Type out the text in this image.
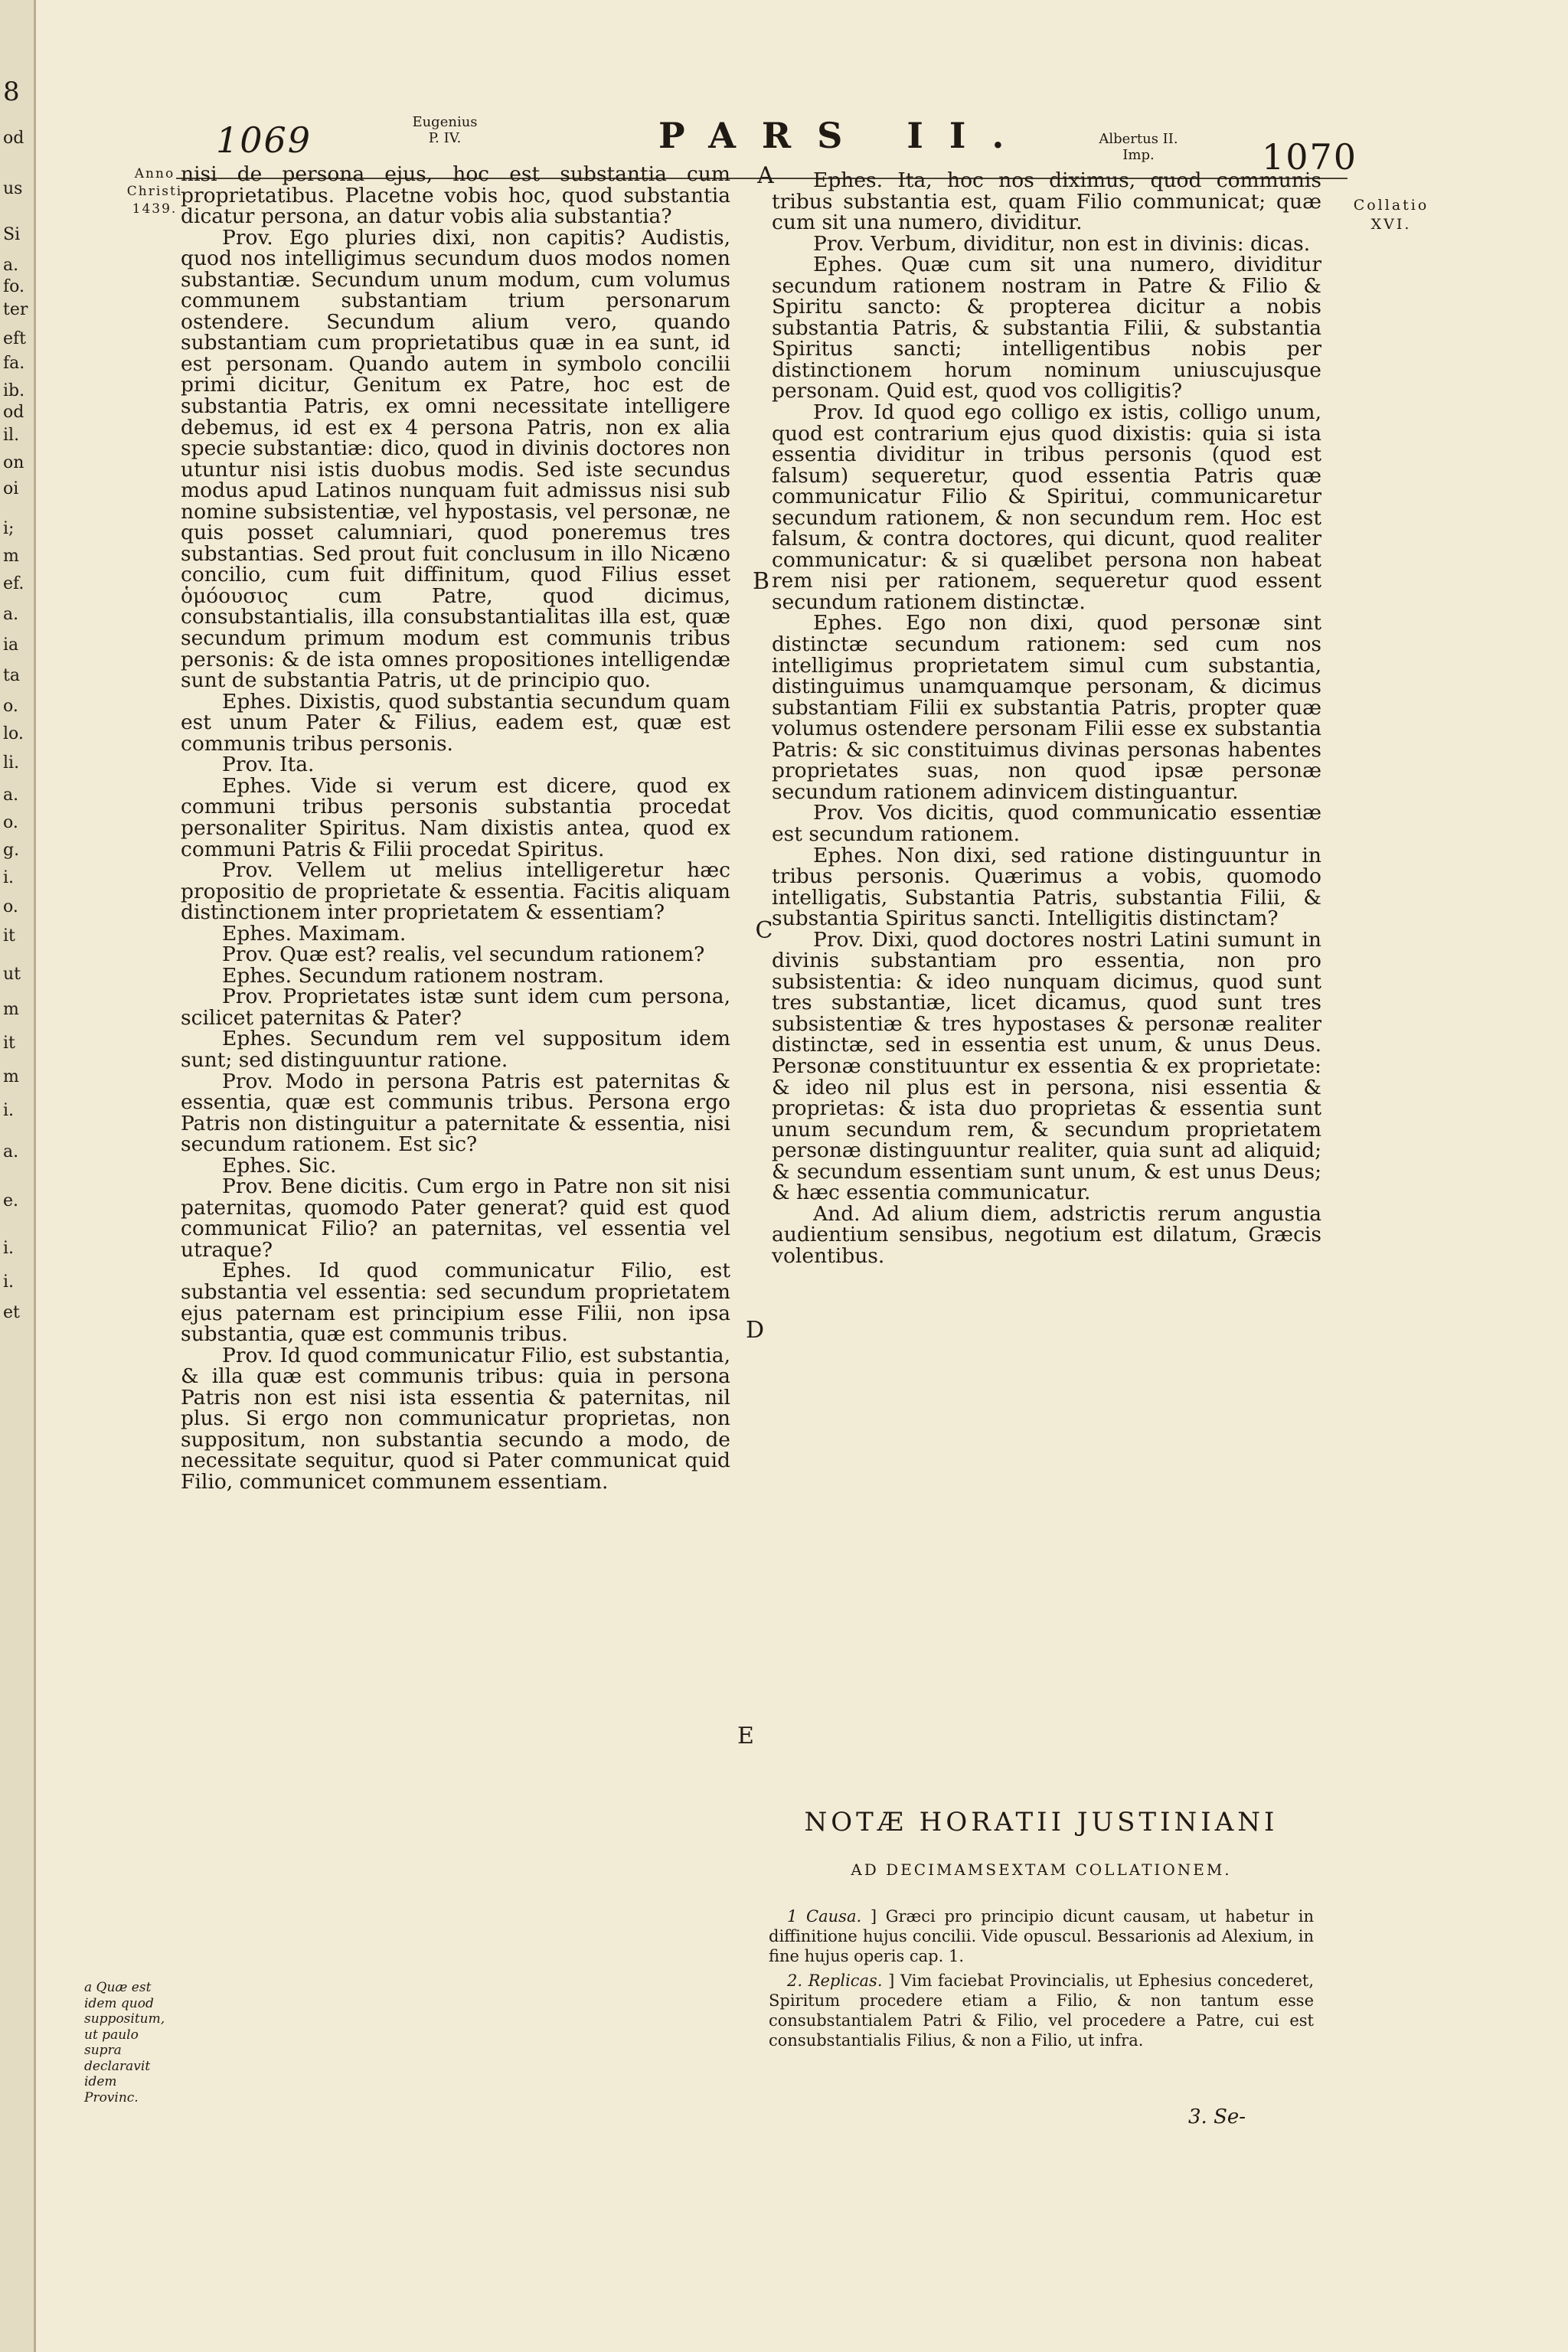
8
od
us
Si
a.
fo.
ter
eft
fa.
ib.
od
il.
on
oi
i;
m
ef.
a.
ia
ta
o.
lo.
li.
a.
o.
g.
i.
o.
it
ut
m
it
m
i.
a.
e.
i.
i.
et
1069	Eugenius
P. IV.	PARS II.	Albertus II.
Imp.	1070
Anno
Christi
1439.	Collatio
XVI.
A
B
C
D
E

nisi de persona ejus, hoc est substantia cum proprietatibus. Placetne vobis hoc, quod substantia dicatur persona, an datur vobis alia substantia?

Prov. Ego pluries dixi, non capitis? Audistis, quod nos intelligimus secundum duos modos nomen substantiæ. Secundum unum modum, cum volumus communem substantiam trium personarum ostendere. Secundum alium vero, quando substantiam cum proprietatibus quæ in ea sunt, id est personam. Quando autem in symbolo concilii primi dicitur, Genitum ex Patre, hoc est de substantia Patris, ex omni necessitate intelligere debemus, id est ex 4 persona Patris, non ex alia specie substantiæ: dico, quod in divinis doctores non utuntur nisi istis duobus modis. Sed iste secundus modus apud Latinos nunquam fuit admissus nisi sub nomine subsistentiæ, vel hypostasis, vel personæ, ne quis posset calumniari, quod poneremus tres substantias. Sed prout fuit conclusum in illo Nicæno concilio, cum fuit diffinitum, quod Filius esset ὁμόουσιος cum Patre, quod dicimus, consubstantialis, illa consubstantialitas illa est, quæ secundum primum modum est communis tribus personis: & de ista omnes propositiones intelligendæ sunt de substantia Patris, ut de principio quo.

Ephes. Dixistis, quod substantia secundum quam est unum Pater & Filius, eadem est, quæ est communis tribus personis.

Prov. Ita.

Ephes. Vide si verum est dicere, quod ex communi tribus personis substantia procedat personaliter Spiritus. Nam dixistis antea, quod ex communi Patris & Filii procedat Spiritus.

Prov. Vellem ut melius intelligeretur hæc propositio de proprietate & essentia. Facitis aliquam distinctionem inter proprietatem & essentiam?

Ephes. Maximam.

Prov. Quæ est? realis, vel secundum rationem?

Ephes. Secundum rationem nostram.

Prov. Proprietates istæ sunt idem cum persona, scilicet paternitas & Pater?

Ephes. Secundum rem vel suppositum idem sunt; sed distinguuntur ratione.

Prov. Modo in persona Patris est paternitas & essentia, quæ est communis tribus. Persona ergo Patris non distinguitur a paternitate & essentia, nisi secundum rationem. Est sic?

Ephes. Sic.

Prov. Bene dicitis. Cum ergo in Patre non sit nisi paternitas, quomodo Pater generat? quid est quod communicat Filio? an paternitas, vel essentia vel utraque?

Ephes. Id quod communicatur Filio, est substantia vel essentia: sed secundum proprietatem ejus paternam est principium esse Filii, non ipsa substantia, quæ est communis tribus.

Prov. Id quod communicatur Filio, est substantia, & illa quæ est communis tribus: quia in persona Patris non est nisi ista essentia & paternitas, nil plus. Si ergo non communicatur proprietas, non suppositum, non substantia secundo a modo, de necessitate sequitur, quod si Pater communicat quid Filio, communicet communem essentiam.

Ephes. Ita, hoc nos diximus, quod communis tribus substantia est, quam Filio communicat; quæ cum sit una numero, dividitur.

Prov. Verbum, dividitur, non est in divinis: dicas.

Ephes. Quæ cum sit una numero, dividitur secundum rationem nostram in Patre & Filio & Spiritu sancto: & propterea dicitur a nobis substantia Patris, & substantia Filii, & substantia Spiritus sancti; intelligentibus nobis per distinctionem horum nominum uniuscujusque personam. Quid est, quod vos colligitis?

Prov. Id quod ego colligo ex istis, colligo unum, quod est contrarium ejus quod dixistis: quia si ista essentia dividitur in tribus personis (quod est falsum) sequeretur, quod essentia Patris quæ communicatur Filio & Spiritui, communicaretur secundum rationem, & non secundum rem. Hoc est falsum, & contra doctores, qui dicunt, quod realiter communicatur: & si quælibet persona non habeat rem nisi per rationem, sequeretur quod essent secundum rationem distinctæ.

Ephes. Ego non dixi, quod personæ sint distinctæ secundum rationem: sed cum nos intelligimus proprietatem simul cum substantia, distinguimus unamquamque personam, & dicimus substantiam Filii ex substantia Patris, propter quæ volumus ostendere personam Filii esse ex substantia Patris: & sic constituimus divinas personas habentes proprietates suas, non quod ipsæ personæ secundum rationem adinvicem distinguantur.

Prov. Vos dicitis, quod communicatio essentiæ est secundum rationem.

Ephes. Non dixi, sed ratione distinguuntur in tribus personis. Quærimus a vobis, quomodo intelligatis, Substantia Patris, substantia Filii, & substantia Spiritus sancti. Intelligitis distinctam?

Prov. Dixi, quod doctores nostri Latini sumunt in divinis substantiam pro essentia, non pro subsistentia: & ideo nunquam dicimus, quod sunt tres substantiæ, licet dicamus, quod sunt tres subsistentiæ & tres hypostases & personæ realiter distinctæ, sed in essentia est unum, & unus Deus. Personæ constituuntur ex essentia & ex proprietate: & ideo nil plus est in persona, nisi essentia & proprietas: & ista duo proprietas & essentia sunt unum secundum rem, & secundum proprietatem personæ distinguuntur realiter, quia sunt ad aliquid; & secundum essentiam sunt unum, & est unus Deus; & hæc essentia communicatur.

And. Ad alium diem, adstrictis rerum angustia audientium sensibus, negotium est dilatum, Græcis volentibus.

NOTÆ HORATII JUSTINIANI
AD DECIMAMSEXTAM COLLATIONEM.

1 Causa. ] Græci pro principio dicunt causam, ut habetur in diffinitione hujus concilii. Vide opuscul. Bessarionis ad Alexium, in fine hujus operis cap. 1.

2. Replicas. ] Vim faciebat Provincialis, ut Ephesius concederet, Spiritum procedere etiam a Filio, & non tantum esse consubstantialem Patri & Filio, vel procedere a Patre, cui est consubstantialis Filius, & non a Filio, ut infra.

3. Se-
a Quæ est idem quod suppositum, ut paulo supra declaravit idem Provinc.
